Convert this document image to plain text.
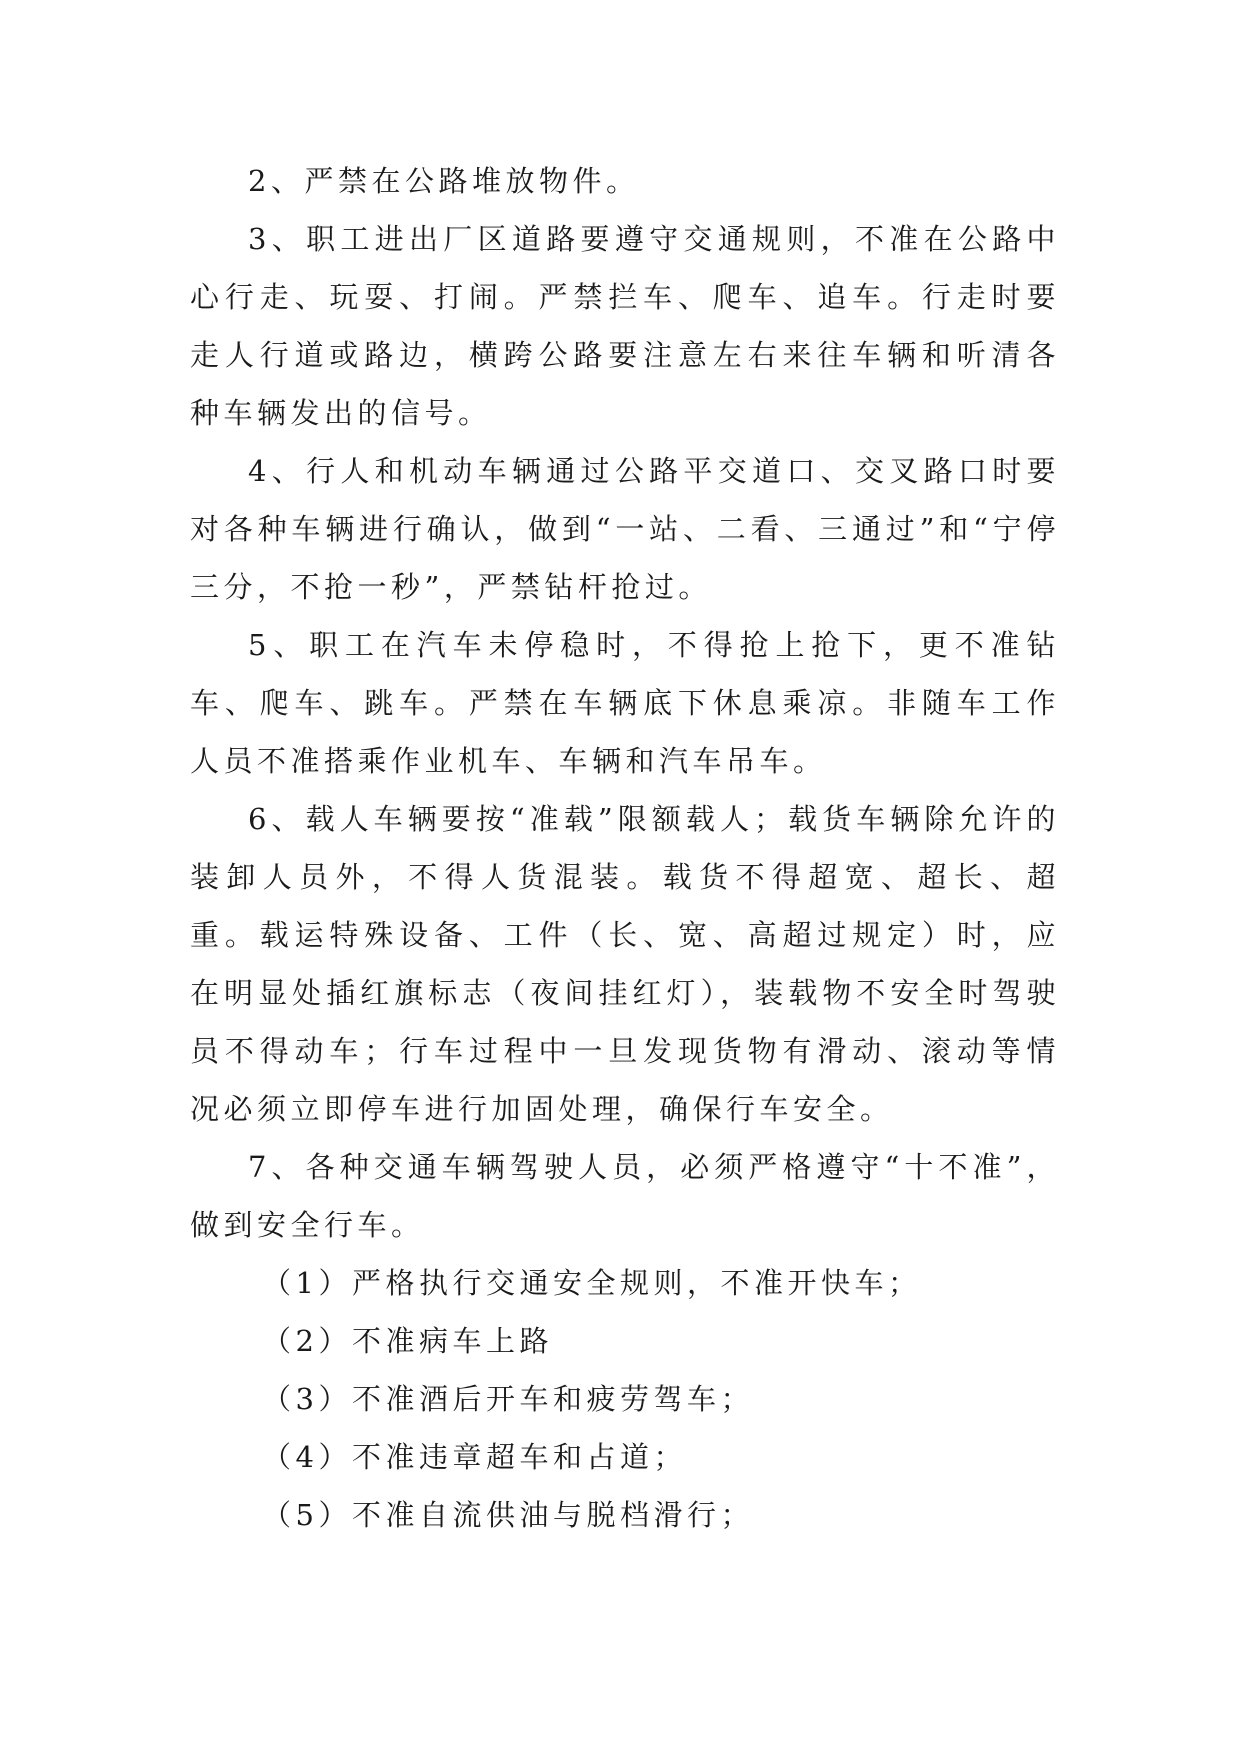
2、严禁在公路堆放物件。

3、职工进出厂区道路要遵守交通规则，不准在公路中心行走、玩耍、打闹。严禁拦车、爬车、追车。行走时要走人行道或路边，横跨公路要注意左右来往车辆和听清各种车辆发出的信号。

4、行人和机动车辆通过公路平交道口、交叉路口时要对各种车辆进行确认，做到“一站、二看、三通过”和“宁停三分，不抢一秒”，严禁钻杆抢过。

5、职工在汽车未停稳时，不得抢上抢下，更不准钻车、爬车、跳车。严禁在车辆底下休息乘凉。非随车工作人员不准搭乘作业机车、车辆和汽车吊车。

6、载人车辆要按“准载”限额载人；载货车辆除允许的装卸人员外，不得人货混装。载货不得超宽、超长、超重。载运特殊设备、工件（长、宽、高超过规定）时，应在明显处插红旗标志（夜间挂红灯），装载物不安全时驾驶员不得动车；行车过程中一旦发现货物有滑动、滚动等情况必须立即停车进行加固处理，确保行车安全。

7、各种交通车辆驾驶人员，必须严格遵守“十不准”，做到安全行车。

（1）严格执行交通安全规则，不准开快车；

（2）不准病车上路

（3）不准酒后开车和疲劳驾车；

（4）不准违章超车和占道；

（5）不准自流供油与脱档滑行；
